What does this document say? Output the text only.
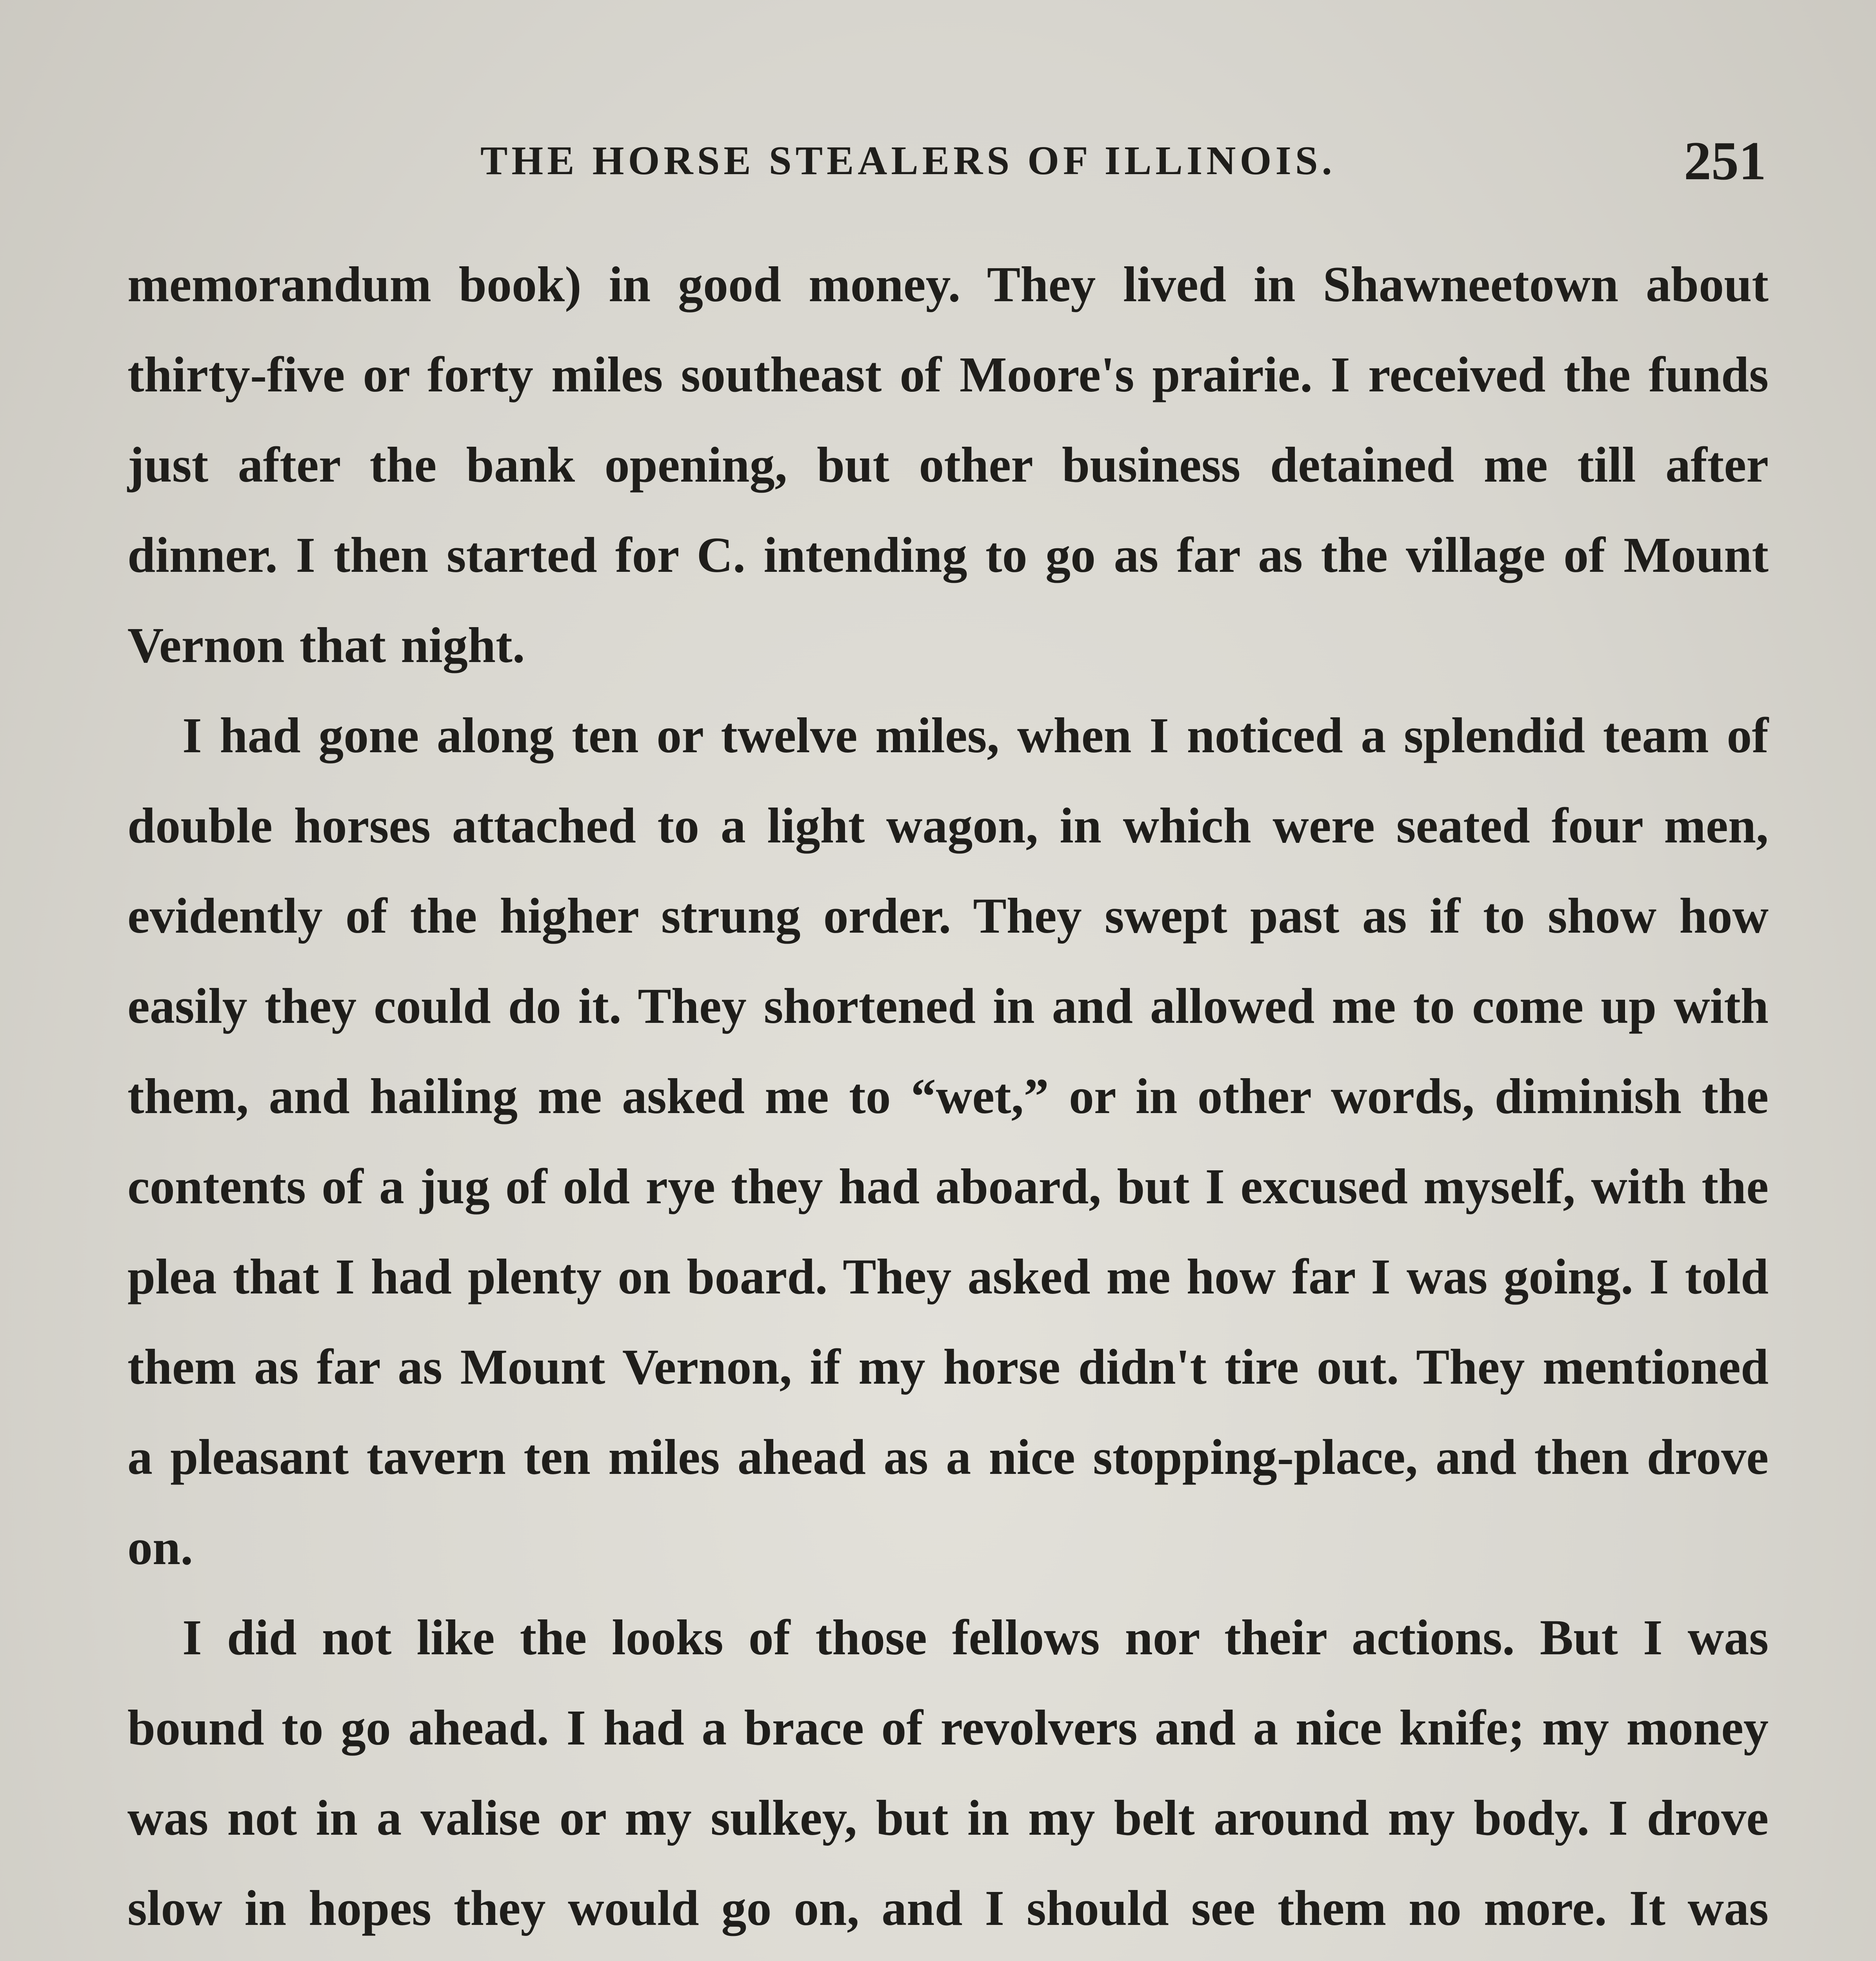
THE HORSE STEALERS OF ILLINOIS.	251

memorandum book) in good money. They lived in Shawneetown about thirty-five or forty miles southeast of Moore's prairie. I received the funds just after the bank opening, but other business detained me till after dinner. I then started for C. intending to go as far as the village of Mount Vernon that night.

I had gone along ten or twelve miles, when I noticed a splendid team of double horses attached to a light wagon, in which were seated four men, evidently of the higher strung order. They swept past as if to show how easily they could do it. They shortened in and allowed me to come up with them, and hailing me asked me to “wet,” or in other words, diminish the contents of a jug of old rye they had aboard, but I excused myself, with the plea that I had plenty on board. They asked me how far I was going. I told them as far as Mount Vernon, if my horse didn't tire out. They mentioned a pleasant tavern ten miles ahead as a nice stopping-place, and then drove on.

I did not like the looks of those fellows nor their actions. But I was bound to go ahead. I had a brace of revolvers and a nice knife; my money was not in a valise or my sulkey, but in my belt around my body. I drove slow in hopes they would go on, and I should see them no more. It was
